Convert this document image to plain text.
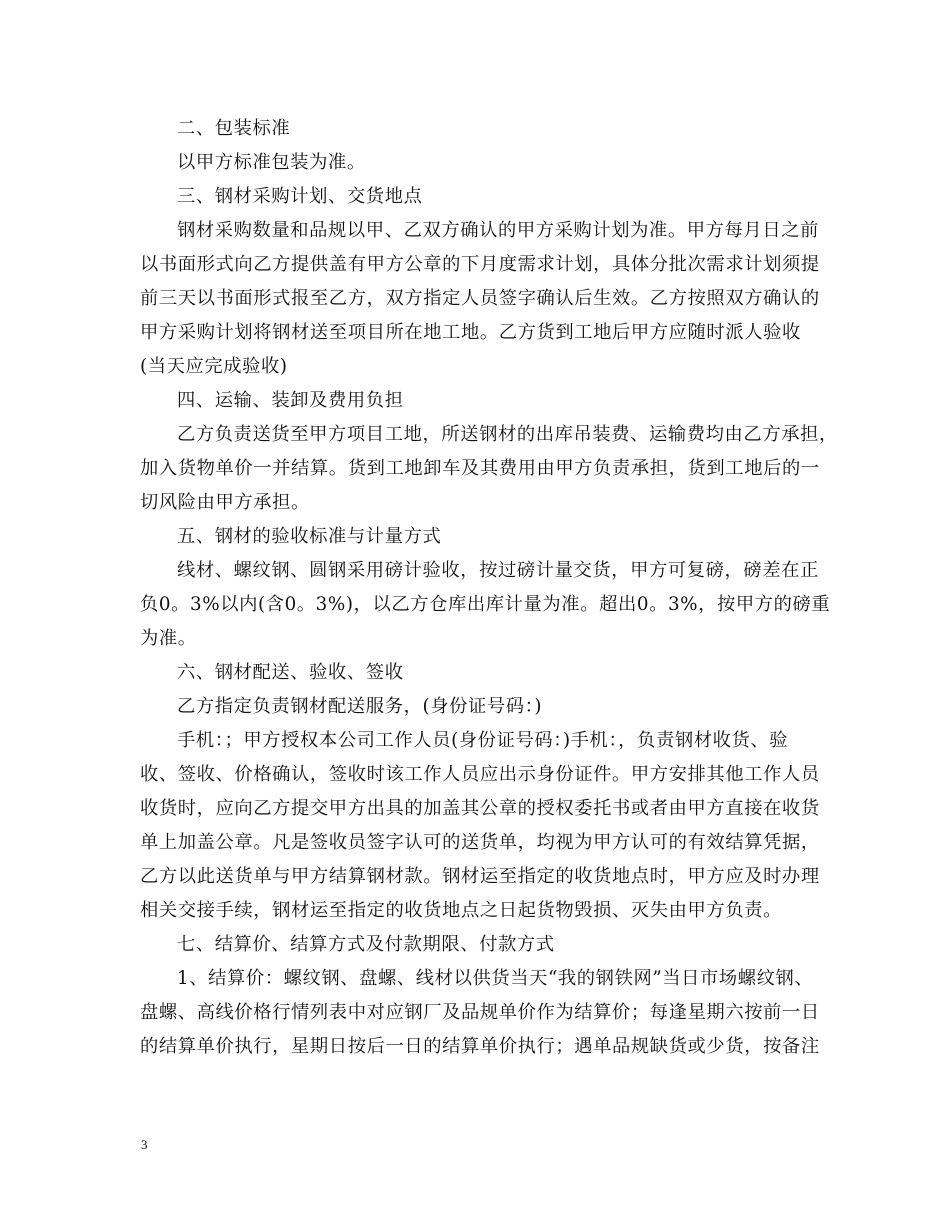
二、包装标准
以甲方标准包装为准。
三、钢材采购计划、交货地点
钢材采购数量和品规以甲、乙双方确认的甲方采购计划为准。甲方每月日之前
以书面形式向乙方提供盖有甲方公章的下月度需求计划，具体分批次需求计划须提
前三天以书面形式报至乙方，双方指定人员签字确认后生效。乙方按照双方确认的
甲方采购计划将钢材送至项目所在地工地。乙方货到工地后甲方应随时派人验收
(当天应完成验收)
四、运输、装卸及费用负担
乙方负责送货至甲方项目工地，所送钢材的出库吊装费、运输费均由乙方承担，
加入货物单价一并结算。货到工地卸车及其费用由甲方负责承担，货到工地后的一
切风险由甲方承担。
五、钢材的验收标准与计量方式
线材、螺纹钢、圆钢采用磅计验收，按过磅计量交货，甲方可复磅，磅差在正
负0。3%以内(含0。3%)，以乙方仓库出库计量为准。超出0。3%，按甲方的磅重
为准。
六、钢材配送、验收、签收
乙方指定负责钢材配送服务，(身份证号码：)
手机：；甲方授权本公司工作人员(身份证号码：)手机：，负责钢材收货、验
收、签收、价格确认，签收时该工作人员应出示身份证件。甲方安排其他工作人员
收货时，应向乙方提交甲方出具的加盖其公章的授权委托书或者由甲方直接在收货
单上加盖公章。凡是签收员签字认可的送货单，均视为甲方认可的有效结算凭据，
乙方以此送货单与甲方结算钢材款。钢材运至指定的收货地点时，甲方应及时办理
相关交接手续，钢材运至指定的收货地点之日起货物毁损、灭失由甲方负责。
七、结算价、结算方式及付款期限、付款方式
1、结算价：螺纹钢、盘螺、线材以供货当天“我的钢铁网”当日市场螺纹钢、
盘螺、高线价格行情列表中对应钢厂及品规单价作为结算价；每逢星期六按前一日
的结算单价执行，星期日按后一日的结算单价执行；遇单品规缺货或少货，按备注
3
